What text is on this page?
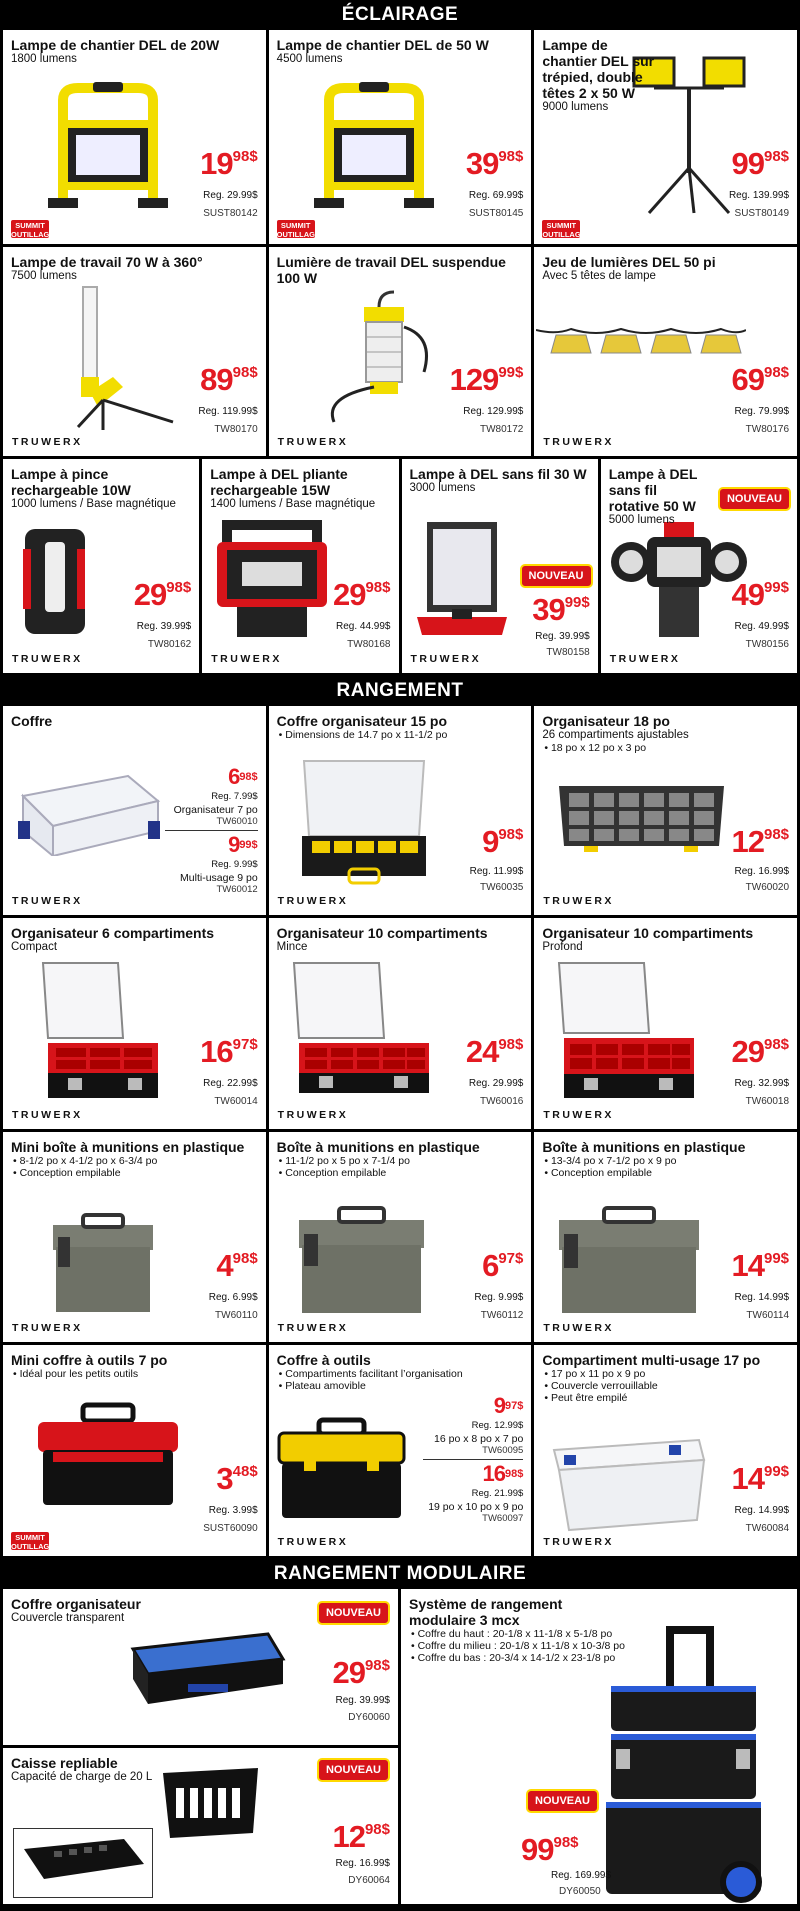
ÉCLAIRAGE
Lampe de chantier DEL de 20W
1800 lumens
1998$
Reg. 29.99$
SUST80142
SUMMIT
OUTILLAGE
Lampe de chantier DEL de 50 W
4500 lumens
3998$
Reg. 69.99$
SUST80145
SUMMIT
OUTILLAGE
Lampe de chantier DEL sur trépied, double têtes 2 x 50 W
9000 lumens
9998$
Reg. 139.99$
SUST80149
SUMMIT
OUTILLAGE
Lampe de travail 70 W à 360°
7500 lumens
8998$
Reg. 119.99$
TW80170
TRUWERX
Lumière de travail DEL suspendue 100 W
12999$
Reg. 129.99$
TW80172
TRUWERX
Jeu de lumières DEL 50 pi
Avec 5 têtes de lampe
6998$
Reg. 79.99$
TW80176
TRUWERX
Lampe à pince rechargeable 10W
1000 lumens / Base magnétique
2998$
Reg. 39.99$
TW80162
TRUWERX
Lampe à DEL pliante rechargeable 15W
1400 lumens / Base magnétique
2998$
Reg. 44.99$
TW80168
TRUWERX
Lampe à DEL sans fil 30 W
3000 lumens
NOUVEAU
3999$
Reg. 39.99$
TW80158
TRUWERX
Lampe à DEL sans fil rotative 50 W
5000 lumens
NOUVEAU
4999$
Reg. 49.99$
TW80156
TRUWERX
RANGEMENT
Coffre
$6^{98\$}$
Reg. 7.99$
Organisateur 7 po
TW60010
$9^{99\$}$
Reg. 9.99$
Multi-usage 9 po
TW60012
TRUWERX
Coffre organisateur 15 po
• Dimensions de 14.7 po x 11-1/2 po
998$
Reg. 11.99$
TW60035
TRUWERX
Organisateur 18 po
26 compartiments ajustables
• 18 po x 12 po x 3 po
1298$
Reg. 16.99$
TW60020
TRUWERX
Organisateur 6 compartiments
Compact
1697$
Reg. 22.99$
TW60014
TRUWERX
Organisateur 10 compartiments
Mince
2498$
Reg. 29.99$
TW60016
TRUWERX
Organisateur 10 compartiments
Profond
2998$
Reg. 32.99$
TW60018
TRUWERX
Mini boîte à munitions en plastique
• 8-1/2 po x 4-1/2 po x 6-3/4 po
• Conception empilable
498$
Reg. 6.99$
TW60110
TRUWERX
Boîte à munitions en plastique
• 11-1/2 po x 5 po x 7-1/4 po
• Conception empilable
697$
Reg. 9.99$
TW60112
TRUWERX
Boîte à munitions en plastique
• 13-3/4 po x 7-1/2 po x 9 po
• Conception empilable
1499$
Reg. 14.99$
TW60114
TRUWERX
Mini coffre à outils 7 po
• Idéal pour les petits outils
348$
Reg. 3.99$
SUST60090
SUMMIT
OUTILLAGE
Coffre à outils
• Compartiments facilitant l’organisation
• Plateau amovible
$9^{97\$}$
Reg. 12.99$
16 po x 8 po x 7 po
TW60095
$16^{98\$}$
Reg. 21.99$
19 po x 10 po x 9 po
TW60097
TRUWERX
Compartiment multi-usage 17 po
• 17 po x 11 po x 9 po
• Couvercle verrouillable
• Peut être empilé
1499$
Reg. 14.99$
TW60084
TRUWERX
RANGEMENT MODULAIRE
Coffre organisateur
Couvercle transparent	NOUVEAU
2998$
Reg. 39.99$
DY60060
Caisse repliable
Capacité de charge de 20 L
NOUVEAU
1298$
Reg. 16.99$
DY60064
Système de rangement modulaire 3 mcx
• Coffre du haut : 20-1/8 x 11-1/8 x 5-1/8 po
• Coffre du milieu : 20-1/8 x 11-1/8 x 10-3/8 po
• Coffre du bas : 20-3/4 x 14-1/2 x 23-1/8 po
NOUVEAU
9998$
Reg. 169.99$
DY60050
